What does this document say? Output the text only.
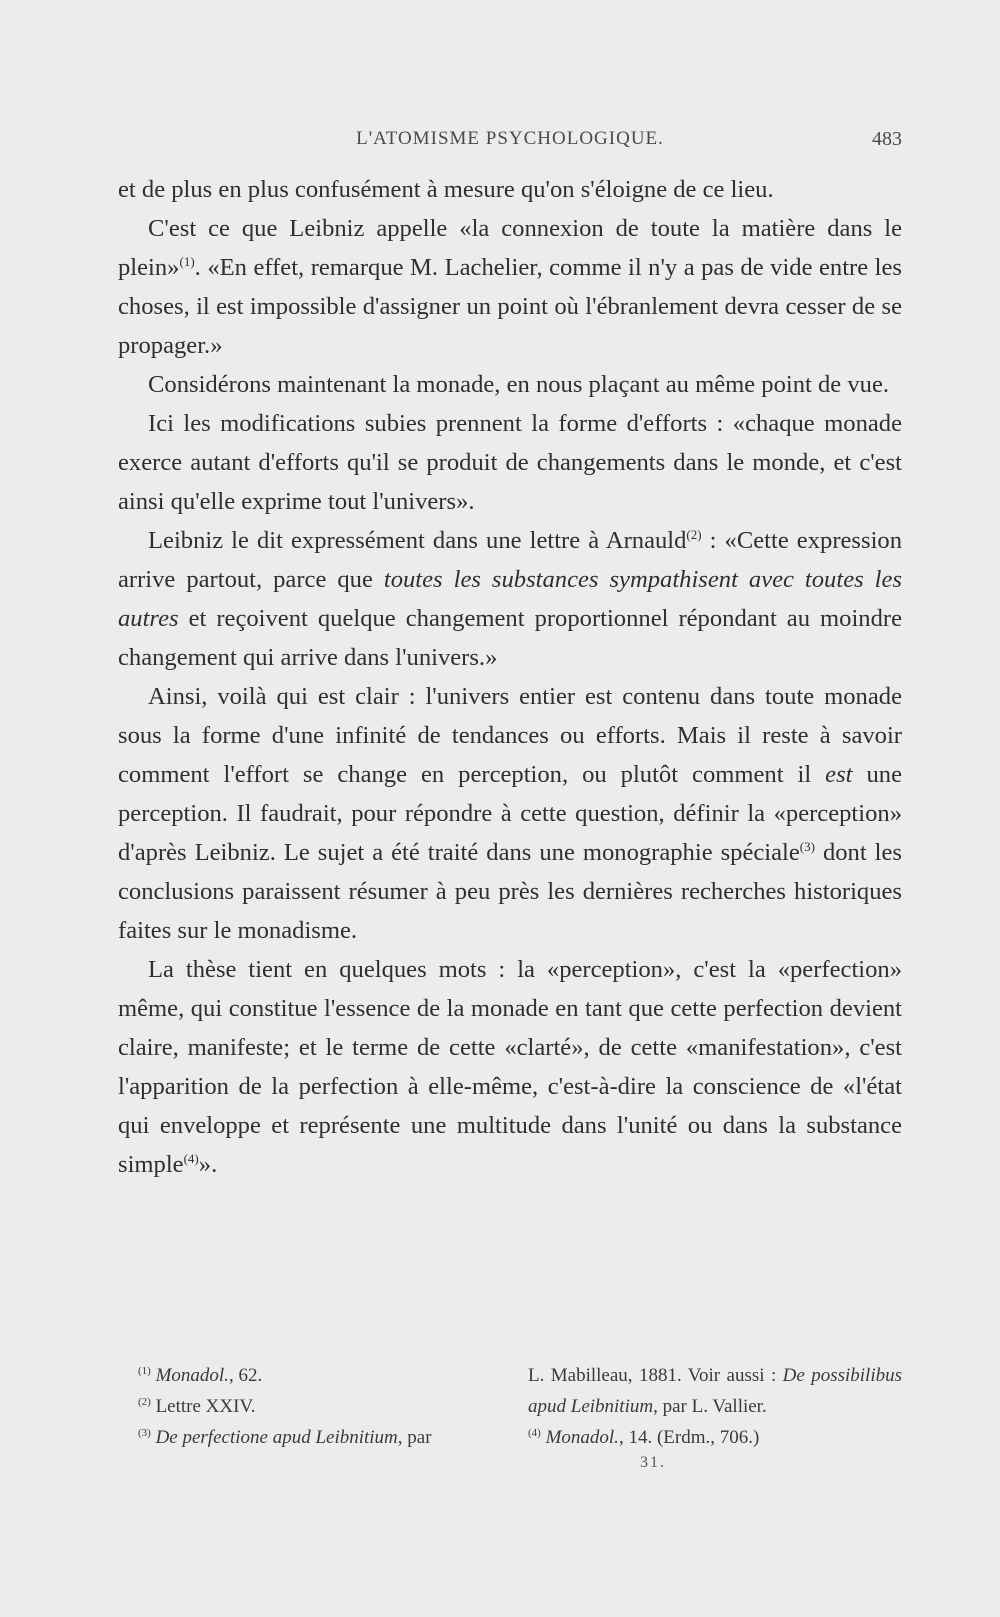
L'ATOMISME PSYCHOLOGIQUE.	483

et de plus en plus confusément à mesure qu'on s'éloigne de ce lieu.

C'est ce que Leibniz appelle «la connexion de toute la matière dans le plein»$^{(1)}$. «En effet, remarque M. Lachelier, comme il n'y a pas de vide entre les choses, il est impossible d'assigner un point où l'ébranlement devra cesser de se propager.»

Considérons maintenant la monade, en nous plaçant au même point de vue.

Ici les modifications subies prennent la forme d'efforts : «chaque monade exerce autant d'efforts qu'il se produit de changements dans le monde, et c'est ainsi qu'elle exprime tout l'univers».

Leibniz le dit expressément dans une lettre à Arnauld$^{(2)}$ : «Cette expression arrive partout, parce que toutes les substances sympathisent avec toutes les autres et reçoivent quelque changement proportionnel répondant au moindre changement qui arrive dans l'univers.»

Ainsi, voilà qui est clair : l'univers entier est contenu dans toute monade sous la forme d'une infinité de tendances ou efforts. Mais il reste à savoir comment l'effort se change en perception, ou plutôt comment il est une perception. Il faudrait, pour répondre à cette question, définir la «perception» d'après Leibniz. Le sujet a été traité dans une monographie spéciale$^{(3)}$ dont les conclusions paraissent résumer à peu près les dernières recherches historiques faites sur le monadisme.

La thèse tient en quelques mots : la «perception», c'est la «perfection» même, qui constitue l'essence de la monade en tant que cette perfection devient claire, manifeste; et le terme de cette «clarté», de cette «manifestation», c'est l'apparition de la perfection à elle-même, c'est-à-dire la conscience de «l'état qui enveloppe et représente une multitude dans l'unité ou dans la substance simple$^{(4)}$».

$^{(1)}$ Monadol., 62.

$^{(2)}$ Lettre XXIV.

$^{(3)}$ De perfectione apud Leibnitium, par

L. Mabilleau, 1881. Voir aussi : De possibilibus apud Leibnitium, par L. Vallier.

$^{(4)}$ Monadol., 14. (Erdm., 706.)

31.
